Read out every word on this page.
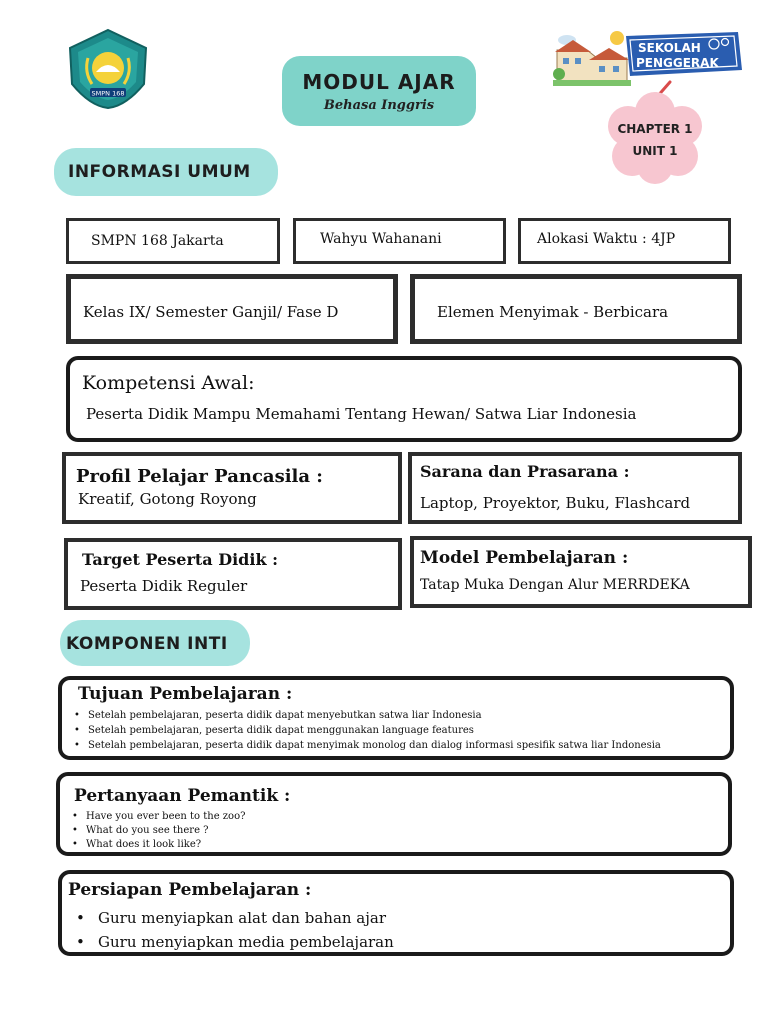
SMPN 168	MODUL AJAR
Behasa Inggris
SEKOLAH
PENGGERAK
CHAPTER 1
UNIT 1
INFORMASI UMUM
SMPN 168 Jakarta	Wahyu Wahanani	Alokasi Waktu : 4JP
Kelas IX/ Semester Ganjil/ Fase D	Elemen Menyimak - Berbicara
Kompetensi Awal:
Peserta Didik Mampu Memahami Tentang Hewan/ Satwa Liar Indonesia
Profil Pelajar Pancasila :
Kreatif, Gotong Royong
Sarana dan Prasarana :
Laptop, Proyektor, Buku, Flashcard
Target Peserta Didik :
Peserta Didik Reguler
Model Pembelajaran :
Tatap Muka Dengan Alur MERRDEKA
KOMPONEN INTI
Tujuan Pembelajaran :
• Setelah pembelajaran, peserta didik dapat menyebutkan satwa liar Indonesia
• Setelah pembelajaran, peserta didik dapat menggunakan language features
• Setelah pembelajaran, peserta didik dapat menyimak monolog dan dialog informasi spesifik satwa liar Indonesia
Pertanyaan Pemantik :
• Have you ever been to the zoo?
• What do you see there ?
• What does it look like?
Persiapan Pembelajaran :
• Guru menyiapkan alat dan bahan ajar
• Guru menyiapkan media pembelajaran
